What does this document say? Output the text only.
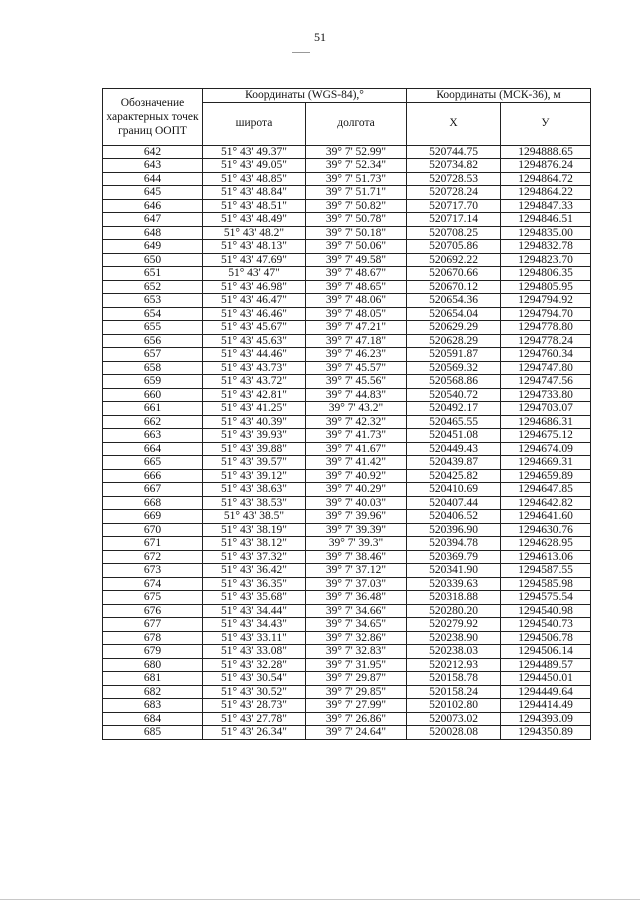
51
Обозначение характерных точек границ ООПТ	Координаты (WGS-84),°		Координаты (МСК-36), м	
	широта	долгота	X	У
642	51° 43' 49.37"	39° 7' 52.99"	520744.75	1294888.65
643	51° 43' 49.05"	39° 7' 52.34"	520734.82	1294876.24
644	51° 43' 48.85"	39° 7' 51.73"	520728.53	1294864.72
645	51° 43' 48.84"	39° 7' 51.71"	520728.24	1294864.22
646	51° 43' 48.51"	39° 7' 50.82"	520717.70	1294847.33
647	51° 43' 48.49"	39° 7' 50.78"	520717.14	1294846.51
648	51° 43' 48.2"	39° 7' 50.18"	520708.25	1294835.00
649	51° 43' 48.13"	39° 7' 50.06"	520705.86	1294832.78
650	51° 43' 47.69"	39° 7' 49.58"	520692.22	1294823.70
651	51° 43' 47"	39° 7' 48.67"	520670.66	1294806.35
652	51° 43' 46.98"	39° 7' 48.65"	520670.12	1294805.95
653	51° 43' 46.47"	39° 7' 48.06"	520654.36	1294794.92
654	51° 43' 46.46"	39° 7' 48.05"	520654.04	1294794.70
655	51° 43' 45.67"	39° 7' 47.21"	520629.29	1294778.80
656	51° 43' 45.63"	39° 7' 47.18"	520628.29	1294778.24
657	51° 43' 44.46"	39° 7' 46.23"	520591.87	1294760.34
658	51° 43' 43.73"	39° 7' 45.57"	520569.32	1294747.80
659	51° 43' 43.72"	39° 7' 45.56"	520568.86	1294747.56
660	51° 43' 42.81"	39° 7' 44.83"	520540.72	1294733.80
661	51° 43' 41.25"	39° 7' 43.2"	520492.17	1294703.07
662	51° 43' 40.39"	39° 7' 42.32"	520465.55	1294686.31
663	51° 43' 39.93"	39° 7' 41.73"	520451.08	1294675.12
664	51° 43' 39.88"	39° 7' 41.67"	520449.43	1294674.09
665	51° 43' 39.57"	39° 7' 41.42"	520439.87	1294669.31
666	51° 43' 39.12"	39° 7' 40.92"	520425.82	1294659.89
667	51° 43' 38.63"	39° 7' 40.29"	520410.69	1294647.85
668	51° 43' 38.53"	39° 7' 40.03"	520407.44	1294642.82
669	51° 43' 38.5"	39° 7' 39.96"	520406.52	1294641.60
670	51° 43' 38.19"	39° 7' 39.39"	520396.90	1294630.76
671	51° 43' 38.12"	39° 7' 39.3"	520394.78	1294628.95
672	51° 43' 37.32"	39° 7' 38.46"	520369.79	1294613.06
673	51° 43' 36.42"	39° 7' 37.12"	520341.90	1294587.55
674	51° 43' 36.35"	39° 7' 37.03"	520339.63	1294585.98
675	51° 43' 35.68"	39° 7' 36.48"	520318.88	1294575.54
676	51° 43' 34.44"	39° 7' 34.66"	520280.20	1294540.98
677	51° 43' 34.43"	39° 7' 34.65"	520279.92	1294540.73
678	51° 43' 33.11"	39° 7' 32.86"	520238.90	1294506.78
679	51° 43' 33.08"	39° 7' 32.83"	520238.03	1294506.14
680	51° 43' 32.28"	39° 7' 31.95"	520212.93	1294489.57
681	51° 43' 30.54"	39° 7' 29.87"	520158.78	1294450.01
682	51° 43' 30.52"	39° 7' 29.85"	520158.24	1294449.64
683	51° 43' 28.73"	39° 7' 27.99"	520102.80	1294414.49
684	51° 43' 27.78"	39° 7' 26.86"	520073.02	1294393.09
685	51° 43' 26.34"	39° 7' 24.64"	520028.08	1294350.89
